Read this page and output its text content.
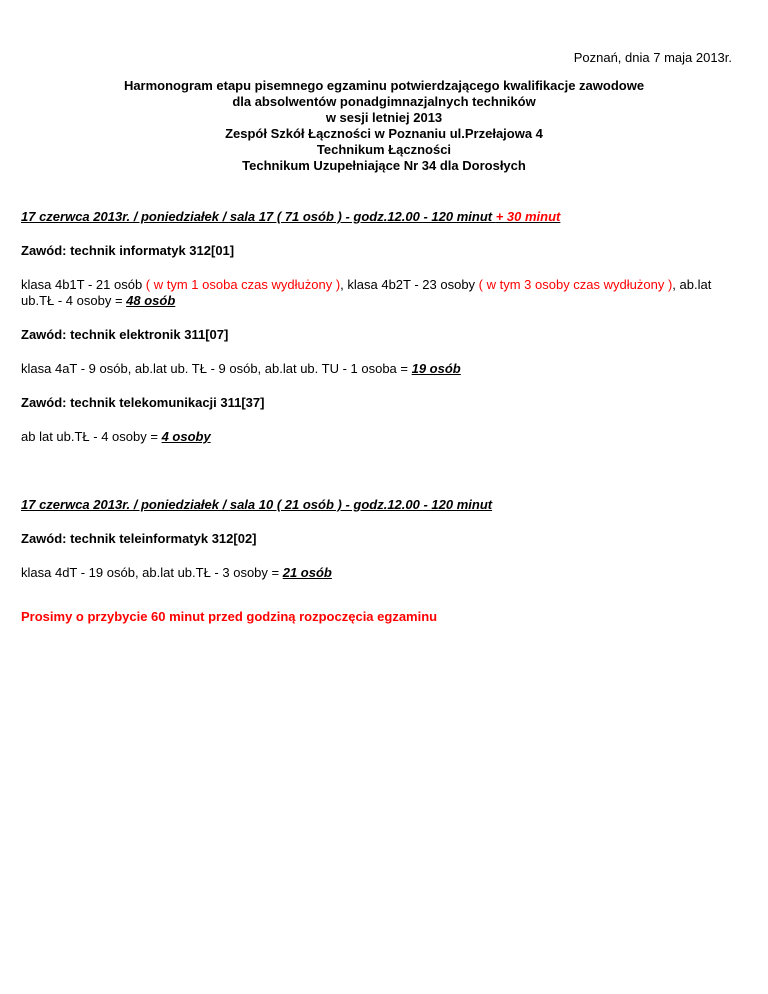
Poznań, dnia 7 maja 2013r.
Harmonogram etapu pisemnego egzaminu potwierdzającego kwalifikacje zawodowe
dla absolwentów ponadgimnazjalnych techników
w sesji letniej 2013
Zespół Szkół Łączności w Poznaniu ul.Przełajowa 4
Technikum Łączności
Technikum Uzupełniające Nr 34 dla Dorosłych
17 czerwca 2013r. / poniedziałek / sala 17 ( 71 osób ) - godz.12.00 - 120 minut + 30 minut
Zawód: technik informatyk 312[01]
klasa 4b1T - 21 osób ( w tym 1 osoba czas wydłużony ), klasa 4b2T - 23 osoby ( w tym 3 osoby czas wydłużony ), ab.lat ub.TŁ - 4 osoby = 48 osób
Zawód: technik elektronik 311[07]
klasa 4aT - 9 osób, ab.lat ub. TŁ - 9 osób, ab.lat ub. TU - 1 osoba = 19 osób
Zawód: technik telekomunikacji 311[37]
ab lat ub.TŁ - 4 osoby = 4 osoby
17 czerwca 2013r. / poniedziałek / sala 10 ( 21 osób ) - godz.12.00 - 120 minut
Zawód: technik teleinformatyk 312[02]
klasa 4dT - 19 osób, ab.lat ub.TŁ - 3 osoby = 21 osób
Prosimy o przybycie 60 minut przed godziną rozpoczęcia egzaminu
